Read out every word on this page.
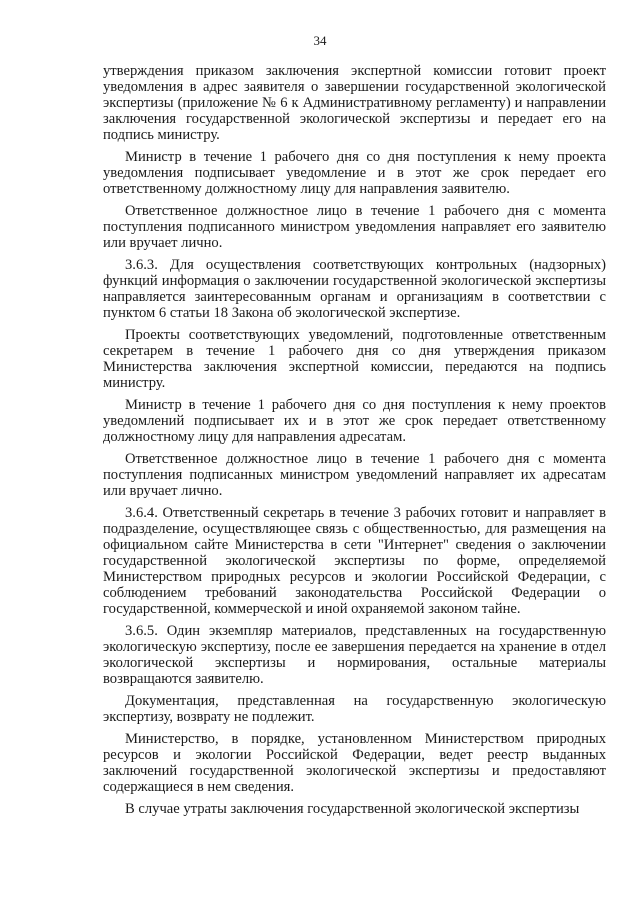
34

утверждения приказом заключения экспертной комиссии готовит проект уведомления в адрес заявителя о завершении государственной экологической экспертизы (приложение № 6 к Административному регламенту) и направлении заключения государственной экологической экспертизы и передает его на подпись министру.

Министр в течение 1 рабочего дня со дня поступления к нему проекта уведомления подписывает уведомление и в этот же срок передает его ответственному должностному лицу для направления заявителю.

Ответственное должностное лицо в течение 1 рабочего дня с момента поступления подписанного министром уведомления направляет его заявителю или вручает лично.

3.6.3. Для осуществления соответствующих контрольных (надзорных) функций информация о заключении государственной экологической экспертизы направляется заинтересованным органам и организациям в соответствии с пунктом 6 статьи 18 Закона об экологической экспертизе.

Проекты соответствующих уведомлений, подготовленные ответственным секретарем в течение 1 рабочего дня со дня утверждения приказом Министерства заключения экспертной комиссии, передаются на подпись министру.

Министр в течение 1 рабочего дня со дня поступления к нему проектов уведомлений подписывает их и в этот же срок передает ответственному должностному лицу для направления адресатам.

Ответственное должностное лицо в течение 1 рабочего дня с момента поступления подписанных министром уведомлений направляет их адресатам или вручает лично.

3.6.4. Ответственный секретарь в течение 3 рабочих готовит и направляет в подразделение, осуществляющее связь с общественностью, для размещения на официальном сайте Министерства в сети "Интернет" сведения о заключении государственной экологической экспертизы по форме, определяемой Министерством природных ресурсов и экологии Российской Федерации, с соблюдением требований законодательства Российской Федерации о государственной, коммерческой и иной охраняемой законом тайне.

3.6.5. Один экземпляр материалов, представленных на государственную экологическую экспертизу, после ее завершения передается на хранение в отдел экологической экспертизы и нормирования, остальные материалы возвращаются заявителю.

Документация, представленная на государственную экологическую экспертизу, возврату не подлежит.

Министерство, в порядке, установленном Министерством природных ресурсов и экологии Российской Федерации, ведет реестр выданных заключений государственной экологической экспертизы и предоставляют содержащиеся в нем сведения.

В случае утраты заключения государственной экологической экспертизы
